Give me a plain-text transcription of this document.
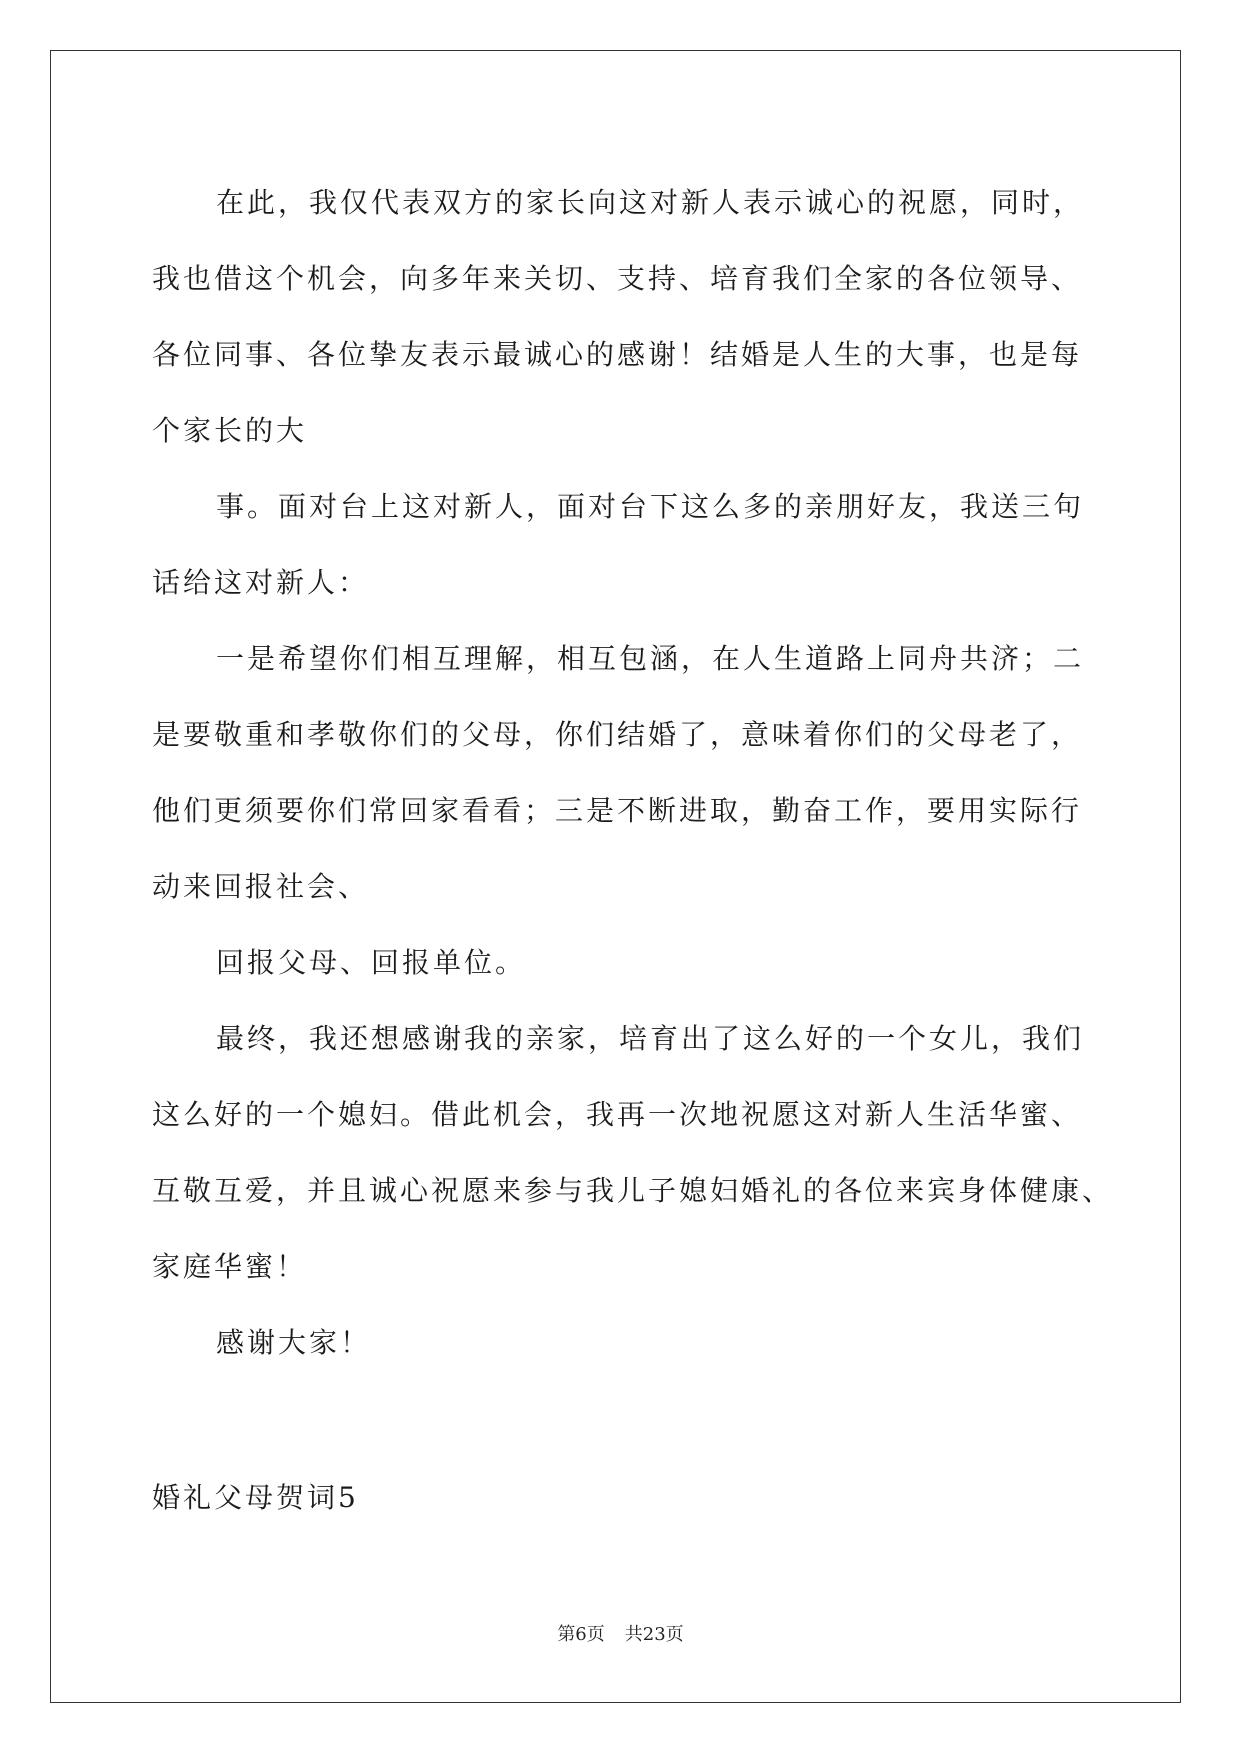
在此，我仅代表双方的家长向这对新人表示诚心的祝愿，同时，
我也借这个机会，向多年来关切、支持、培育我们全家的各位领导、
各位同事、各位挚友表示最诚心的感谢！结婚是人生的大事，也是每
个家长的大
事。面对台上这对新人，面对台下这么多的亲朋好友，我送三句
话给这对新人：
一是希望你们相互理解，相互包涵，在人生道路上同舟共济；二
是要敬重和孝敬你们的父母，你们结婚了，意味着你们的父母老了，
他们更须要你们常回家看看；三是不断进取，勤奋工作，要用实际行
动来回报社会、
回报父母、回报单位。
最终，我还想感谢我的亲家，培育出了这么好的一个女儿，我们
这么好的一个媳妇。借此机会，我再一次地祝愿这对新人生活华蜜、
互敬互爱，并且诚心祝愿来参与我儿子媳妇婚礼的各位来宾身体健康、
家庭华蜜！
感谢大家！
婚礼父母贺词5
第6页 共23页
